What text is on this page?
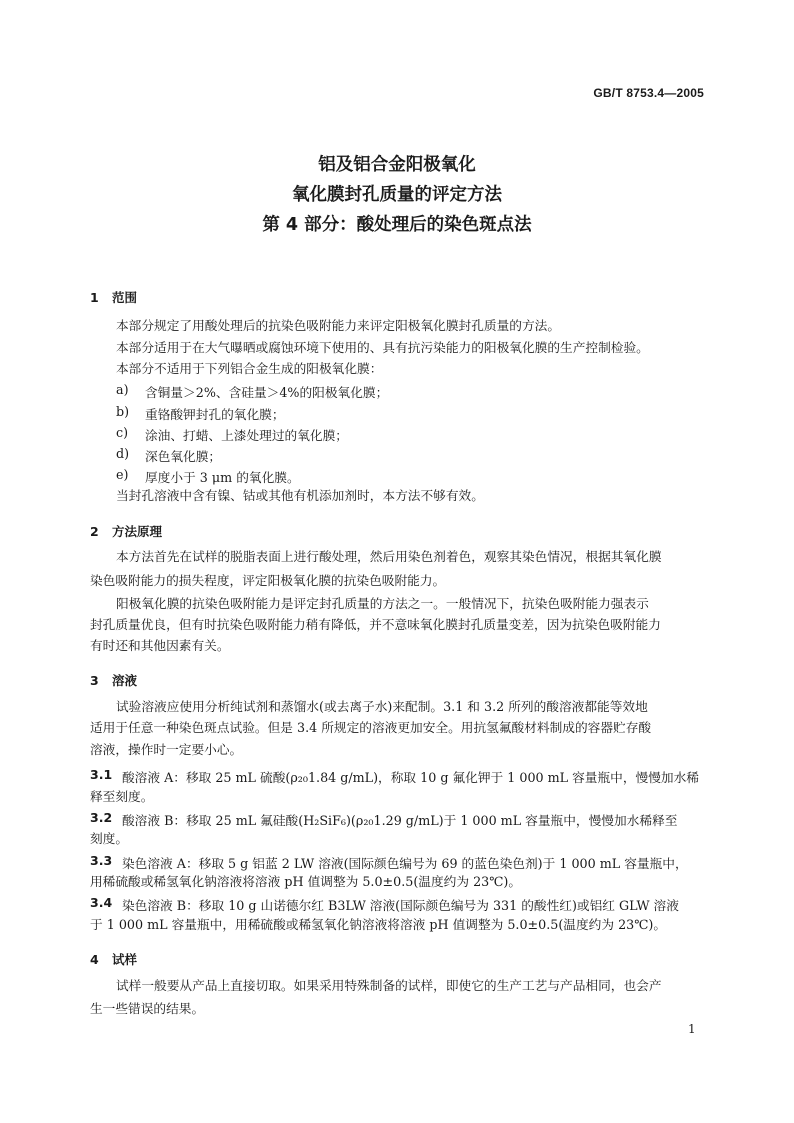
GB/T 8753.4—2005
铝及铝合金阳极氧化
氧化膜封孔质量的评定方法
第 4 部分：酸处理后的染色斑点法
1 范围
本部分规定了用酸处理后的抗染色吸附能力来评定阳极氧化膜封孔质量的方法。
本部分适用于在大气曝晒或腐蚀环境下使用的、具有抗污染能力的阳极氧化膜的生产控制检验。
本部分不适用于下列铝合金生成的阳极氧化膜：
a) 含铜量＞2%、含硅量＞4%的阳极氧化膜；
b) 重铬酸钾封孔的氧化膜；
c) 涂油、打蜡、上漆处理过的氧化膜；
d) 深色氧化膜；
e) 厚度小于 3 μm 的氧化膜。
当封孔溶液中含有镍、钴或其他有机添加剂时，本方法不够有效。
2 方法原理
本方法首先在试样的脱脂表面上进行酸处理，然后用染色剂着色，观察其染色情况，根据其氧化膜
染色吸附能力的损失程度，评定阳极氧化膜的抗染色吸附能力。
阳极氧化膜的抗染色吸附能力是评定封孔质量的方法之一。一般情况下，抗染色吸附能力强表示
封孔质量优良，但有时抗染色吸附能力稍有降低，并不意味氧化膜封孔质量变差，因为抗染色吸附能力
有时还和其他因素有关。
3 溶液
试验溶液应使用分析纯试剂和蒸馏水(或去离子水)来配制。3.1 和 3.2 所列的酸溶液都能等效地
适用于任意一种染色斑点试验。但是 3.4 所规定的溶液更加安全。用抗氢氟酸材料制成的容器贮存酸
溶液，操作时一定要小心。
3.1 酸溶液 A：移取 25 mL 硫酸(ρ₂₀1.84 g/mL)，称取 10 g 氟化钾于 1 000 mL 容量瓶中，慢慢加水稀
释至刻度。
3.2 酸溶液 B：移取 25 mL 氟硅酸(H₂SiF₆)(ρ₂₀1.29 g/mL)于 1 000 mL 容量瓶中，慢慢加水稀释至
刻度。
3.3 染色溶液 A：移取 5 g 铝蓝 2 LW 溶液(国际颜色编号为 69 的蓝色染色剂)于 1 000 mL 容量瓶中，
用稀硫酸或稀氢氧化钠溶液将溶液 pH 值调整为 5.0±0.5(温度约为 23℃)。
3.4 染色溶液 B：移取 10 g 山诺德尔红 B3LW 溶液(国际颜色编号为 331 的酸性红)或铝红 GLW 溶液
于 1 000 mL 容量瓶中，用稀硫酸或稀氢氧化钠溶液将溶液 pH 值调整为 5.0±0.5(温度约为 23℃)。
4 试样
试样一般要从产品上直接切取。如果采用特殊制备的试样，即使它的生产工艺与产品相同，也会产
生一些错误的结果。
1
